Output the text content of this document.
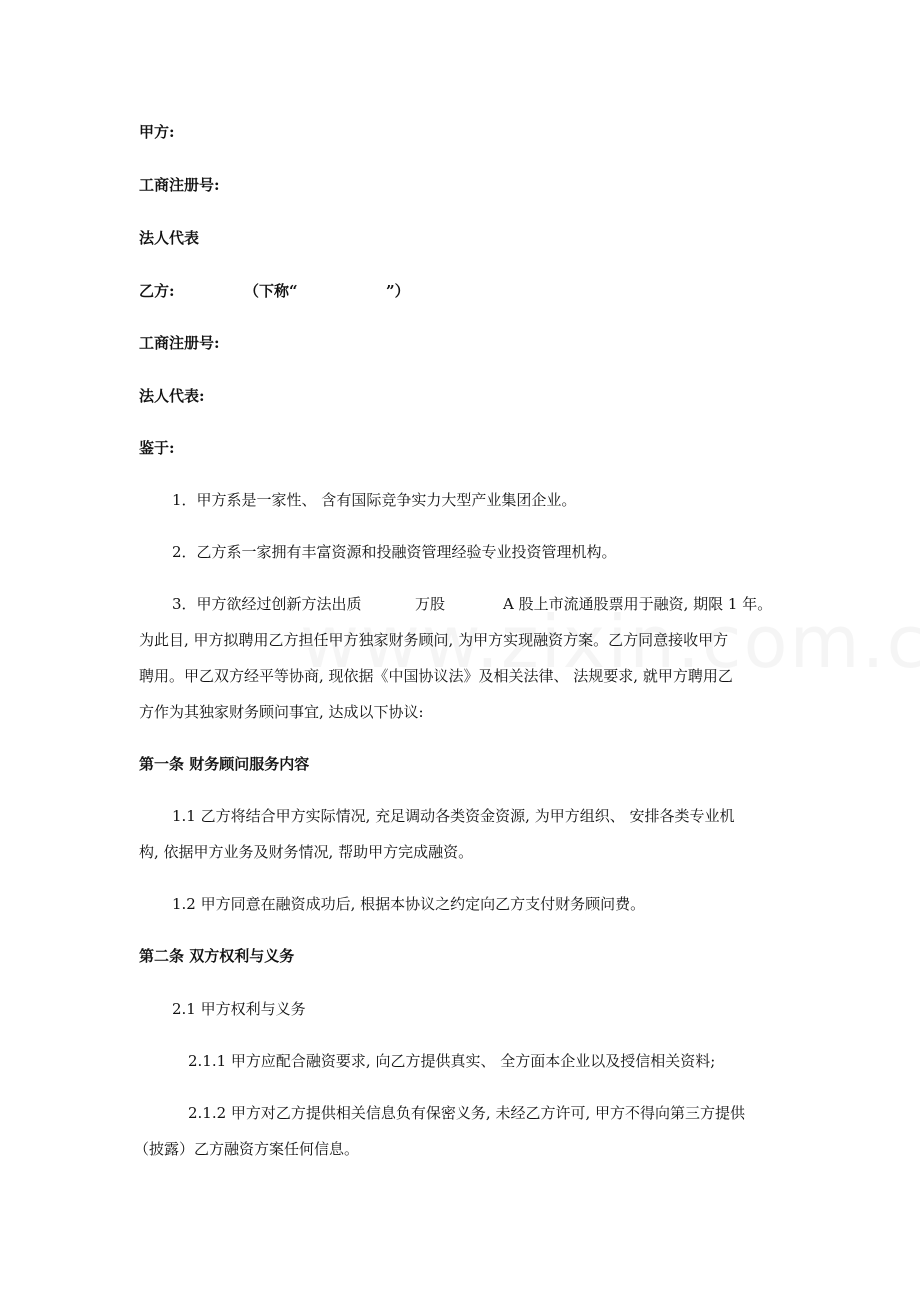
甲方:
工商注册号:
法人代表
乙方:	（下称“	”）
工商注册号:
法人代表:
鉴于:
1．甲方系是一家性、 含有国际竞争实力大型产业集团企业。
2．乙方系一家拥有丰富资源和投融资管理经验专业投资管理机构。
3．甲方欲经过创新方法出质	万股	A 股上市流通股票用于融资, 期限 1 年。
为此目, 甲方拟聘用乙方担任甲方独家财务顾问, 为甲方实现融资方案。乙方同意接收甲方
聘用。甲乙双方经平等协商, 现依据《中国协议法》及相关法律、 法规要求, 就甲方聘用乙
方作为其独家财务顾问事宜, 达成以下协议:
第一条 财务顾问服务内容
1.1 乙方将结合甲方实际情况, 充足调动各类资金资源, 为甲方组织、 安排各类专业机
构, 依据甲方业务及财务情况, 帮助甲方完成融资。
1.2 甲方同意在融资成功后, 根据本协议之约定向乙方支付财务顾问费。
第二条 双方权利与义务
2.1 甲方权利与义务
2.1.1 甲方应配合融资要求, 向乙方提供真实、 全方面本企业以及授信相关资料;
2.1.2 甲方对乙方提供相关信息负有保密义务, 未经乙方许可, 甲方不得向第三方提供
（披露）乙方融资方案任何信息。
